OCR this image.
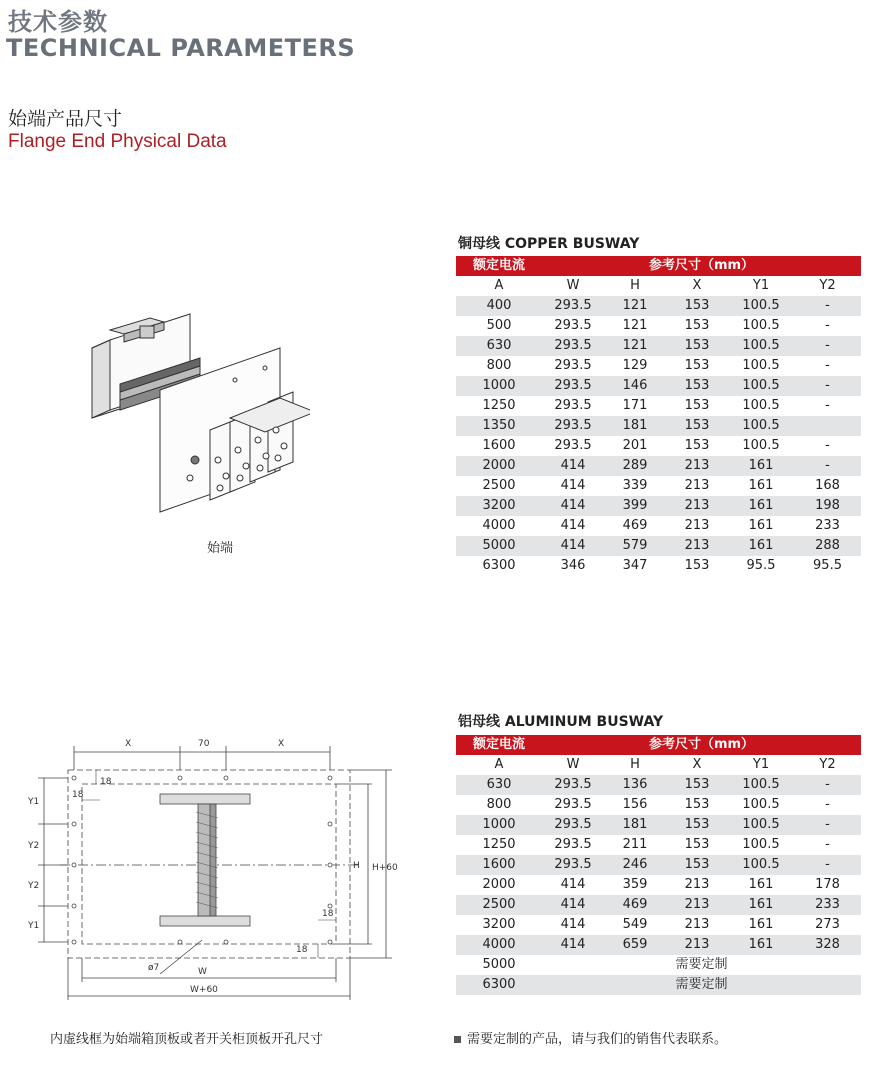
技术参数
TECHNICAL PARAMETERS
始端产品尺寸
Flange End Physical Data
始端
铜母线 COPPER BUSWAY
额定电流	参考尺寸（mm）				
A	W	H	X	Y1	Y2
400	293.5	121	153	100.5	-
500	293.5	121	153	100.5	-
630	293.5	121	153	100.5	-
800	293.5	129	153	100.5	-
1000	293.5	146	153	100.5	-
1250	293.5	171	153	100.5	-
1350	293.5	181	153	100.5	
1600	293.5	201	153	100.5	-
2000	414	289	213	161	-
2500	414	339	213	161	168
3200	414	399	213	161	198
4000	414	469	213	161	233
5000	414	579	213	161	288
6300	346	347	153	95.5	95.5
铝母线 ALUMINUM BUSWAY
额定电流	参考尺寸（mm）				
A	W	H	X	Y1	Y2
630	293.5	136	153	100.5	-
800	293.5	156	153	100.5	-
1000	293.5	181	153	100.5	-
1250	293.5	211	153	100.5	-
1600	293.5	246	153	100.5	-
2000	414	359	213	161	178
2500	414	469	213	161	233
3200	414	549	213	161	273
4000	414	659	213	161	328
5000	需要定制				
6300	需要定制				
X	70	X
18
18
Y1
Y2
Y2
Y1
H H+60
18
18
W
W+60
ø7
内虚线框为始端箱顶板或者开关柜顶板开孔尺寸	需要定制的产品，请与我们的销售代表联系。
